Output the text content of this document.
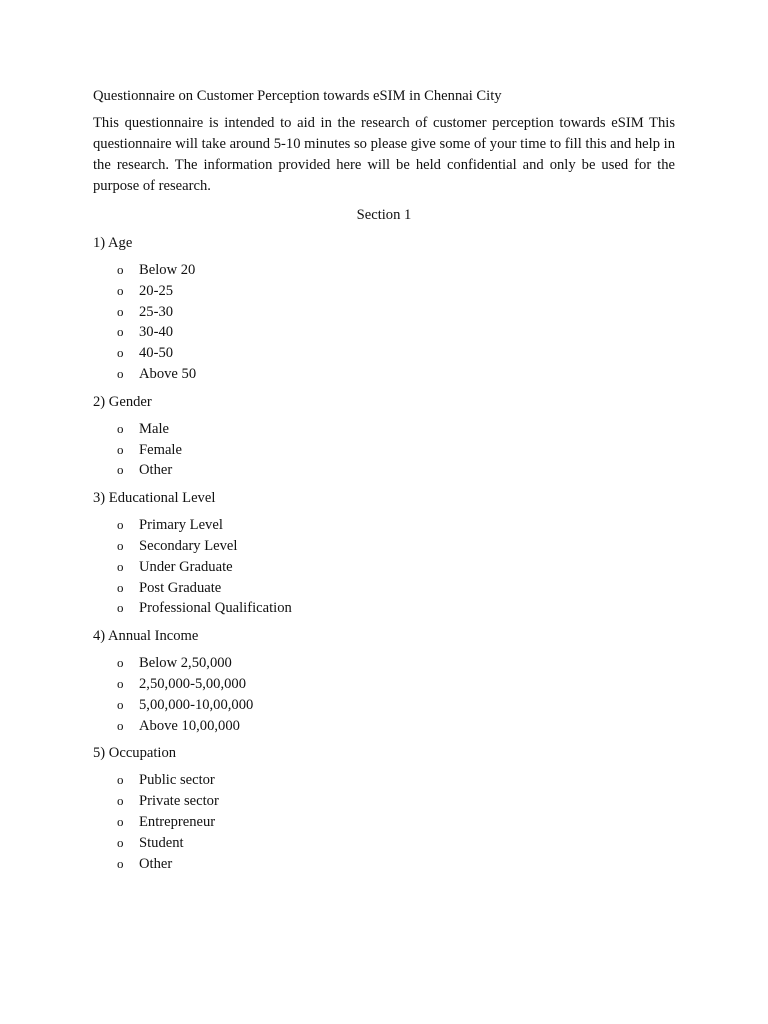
Questionnaire on Customer Perception towards eSIM in Chennai City

This questionnaire is intended to aid in the research of customer perception towards eSIM This questionnaire will take around 5-10 minutes so please give some of your time to fill this and help in the research. The information provided here will be held confidential and only be used for the purpose of research.

Section 1

1) Age

o	Below 20
o	20-25
o	25-30
o	30-40
o	40-50
o	Above 50

2) Gender

o	Male
o	Female
o	Other

3) Educational Level

o	Primary Level
o	Secondary Level
o	Under Graduate
o	Post Graduate
o	Professional Qualification

4) Annual Income

o	Below 2,50,000
o	2,50,000-5,00,000
o	5,00,000-10,00,000
o	Above 10,00,000

5) Occupation

o	Public sector
o	Private sector
o	Entrepreneur
o	Student
o	Other
